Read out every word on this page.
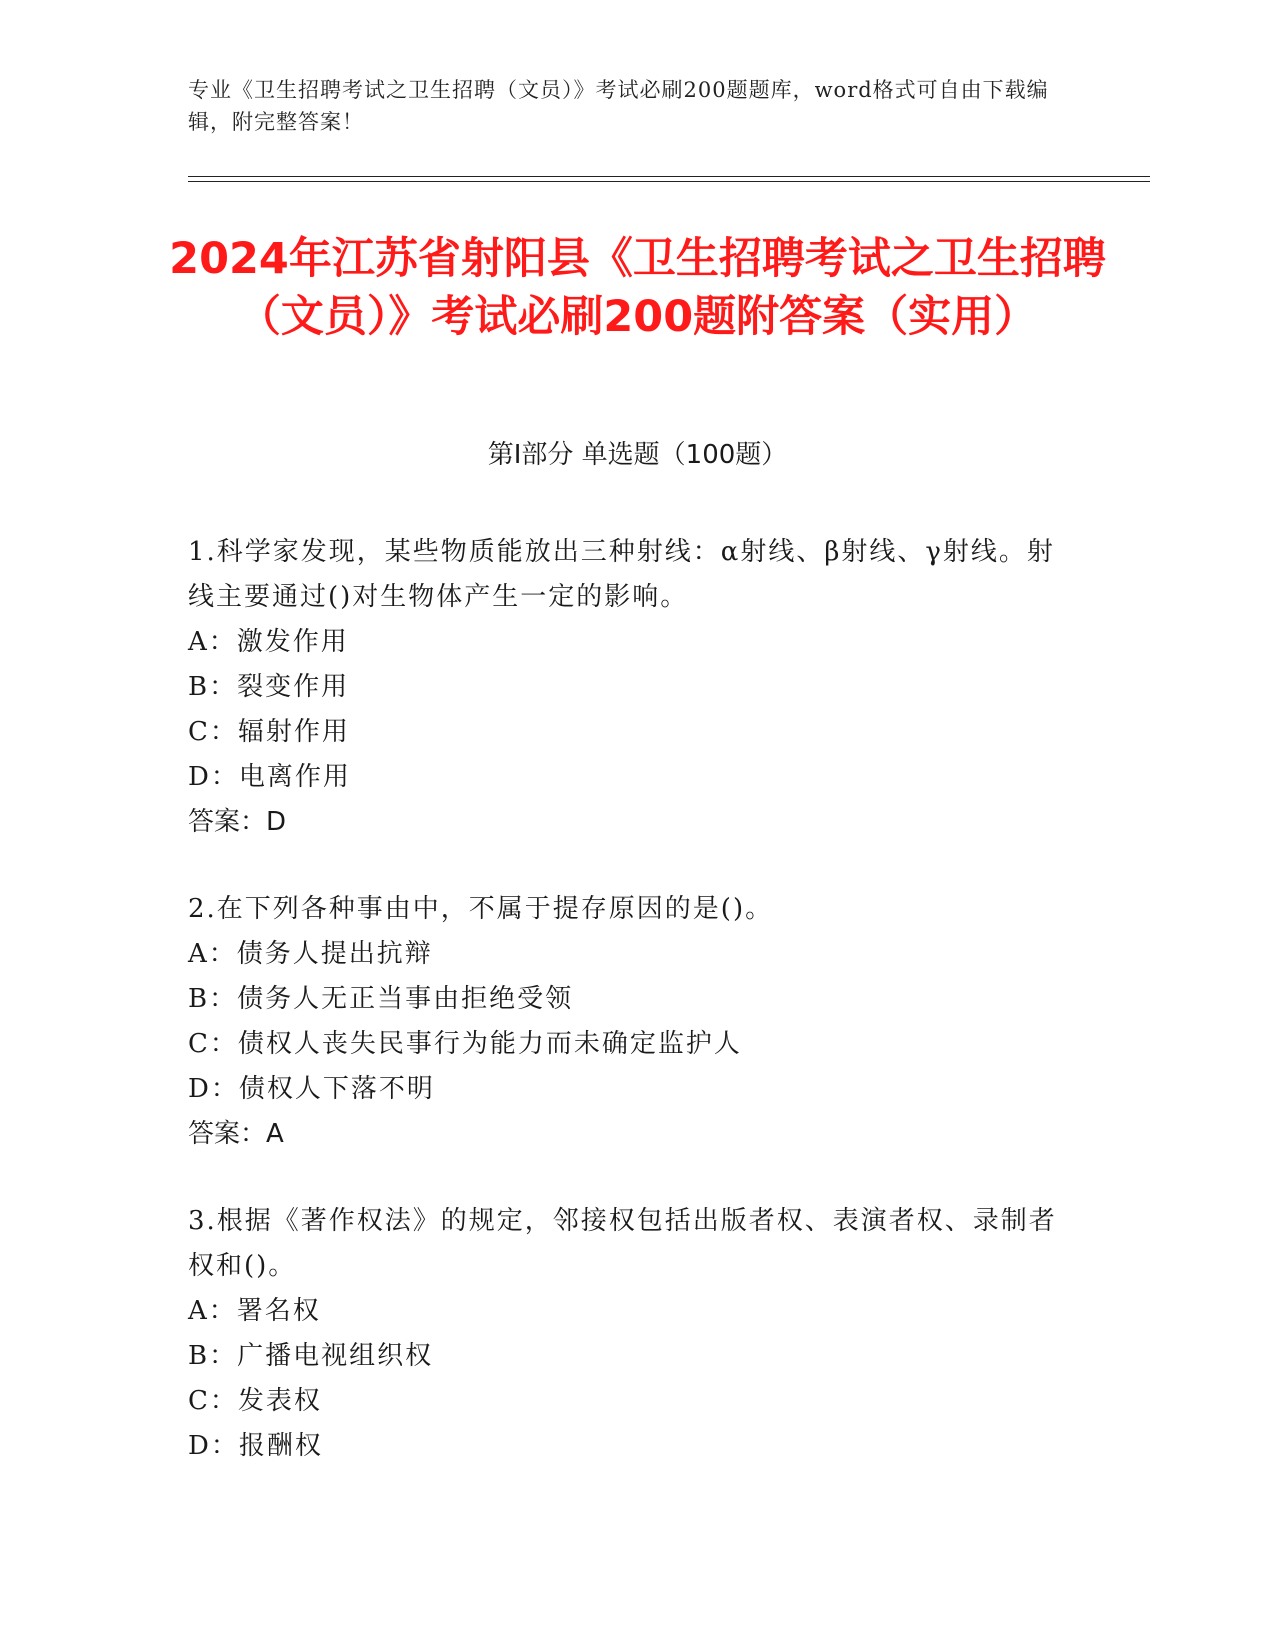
专业《卫生招聘考试之卫生招聘（文员）》考试必刷200题题库，word格式可自由下载编辑，附完整答案！
2024年江苏省射阳县《卫生招聘考试之卫生招聘（文员）》考试必刷200题附答案（实用）
第Ⅰ部分 单选题（100题）

1.科学家发现，某些物质能放出三种射线：α射线、β射线、γ射线。射线主要通过()对生物体产生一定的影响。

A：激发作用
B：裂变作用
C：辐射作用
D：电离作用
答案：D

2.在下列各种事由中，不属于提存原因的是()。

A：债务人提出抗辩
B：债务人无正当事由拒绝受领
C：债权人丧失民事行为能力而未确定监护人
D：债权人下落不明
答案：A

3.根据《著作权法》的规定，邻接权包括出版者权、表演者权、录制者权和()。

A：署名权
B：广播电视组织权
C：发表权
D：报酬权
